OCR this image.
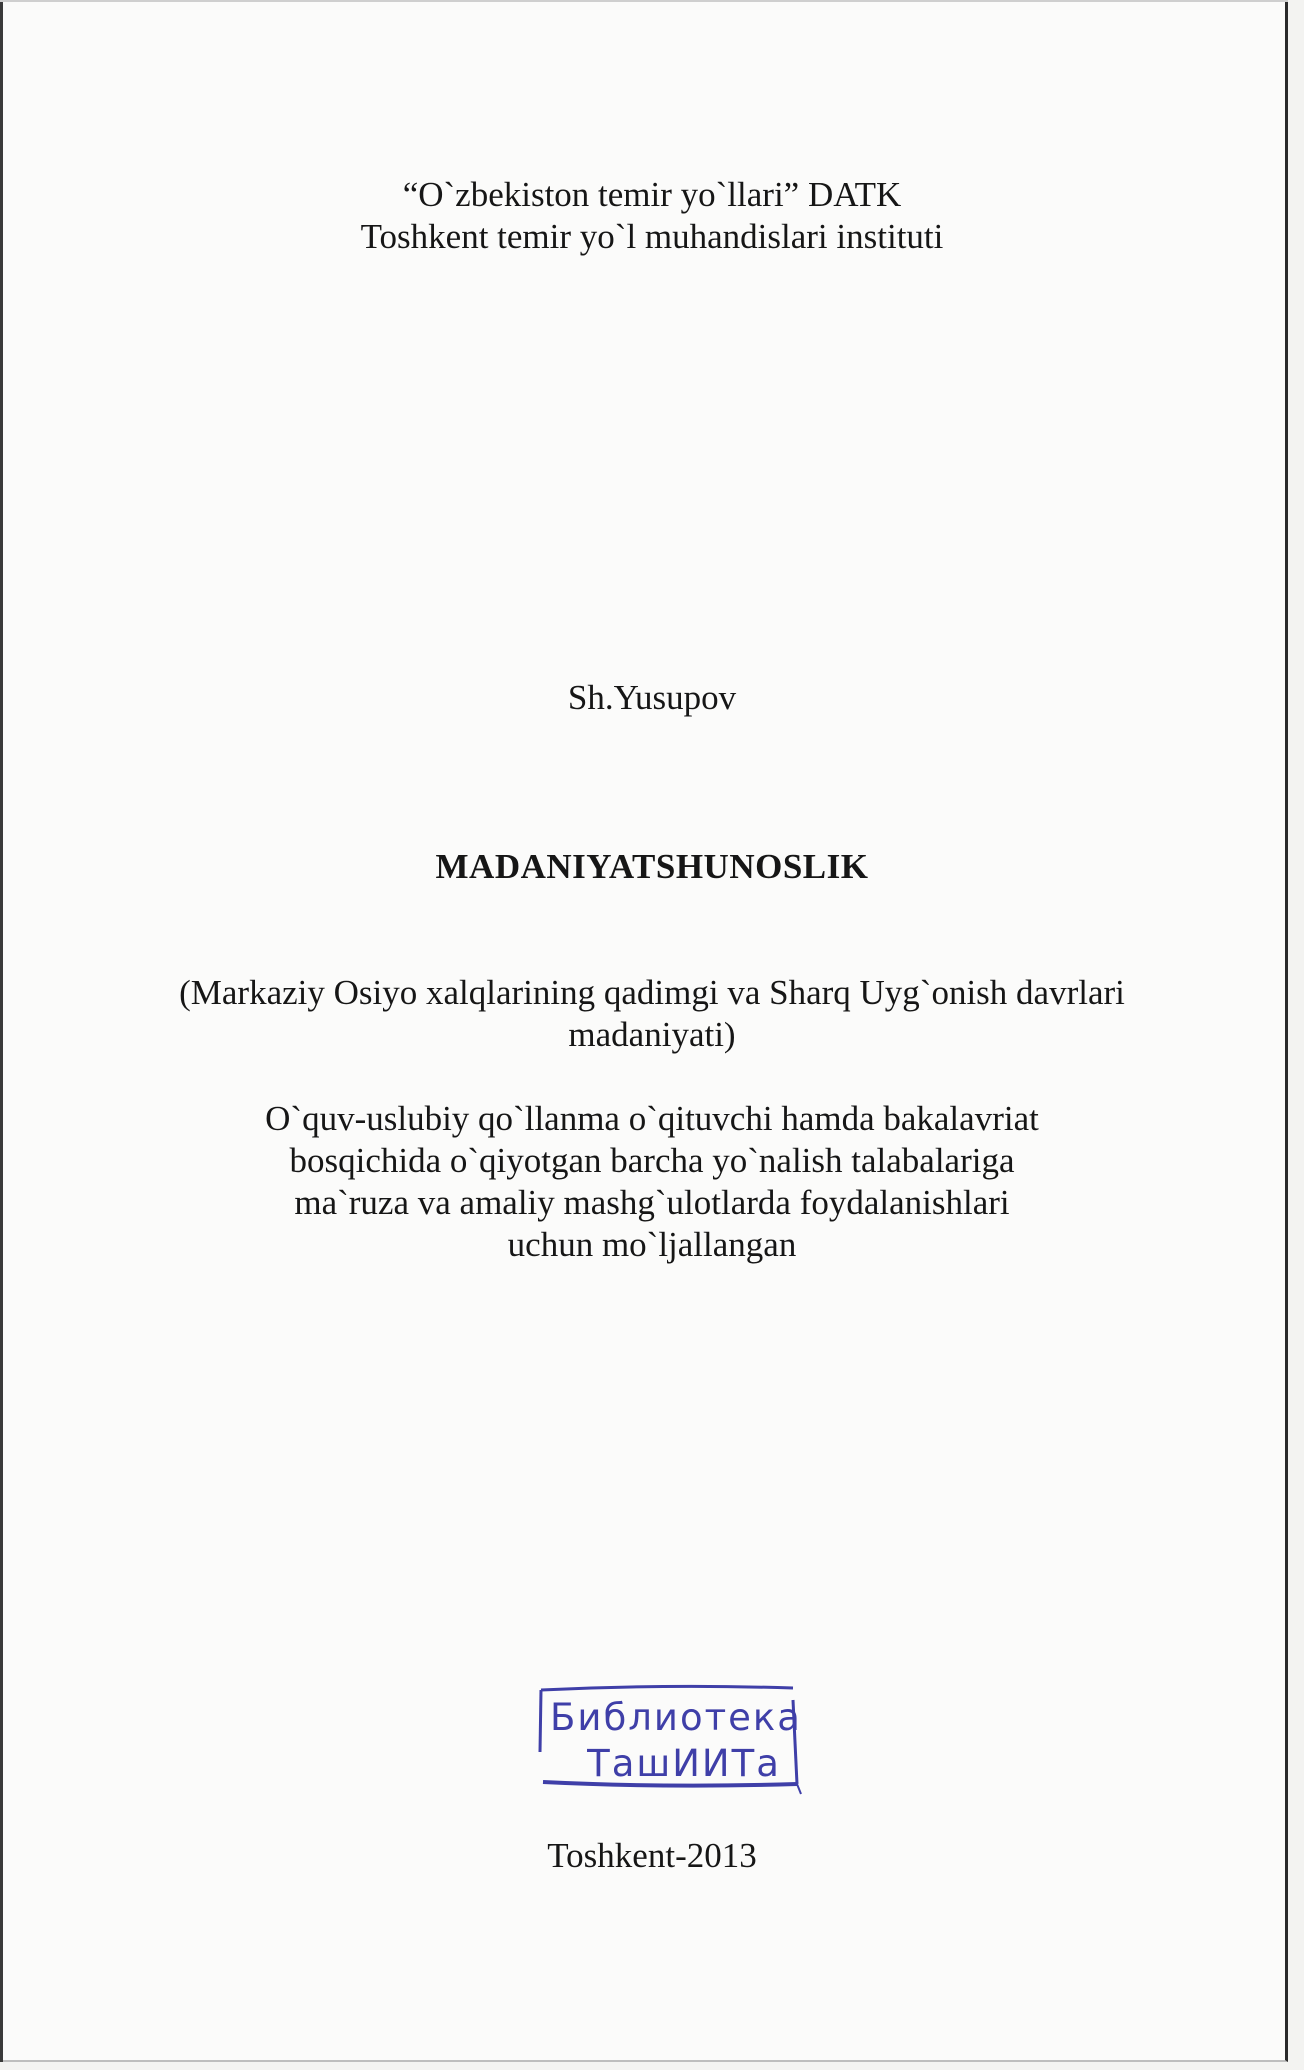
“O`zbekiston temir yo`llari” DATK
Toshkent temir yo`l muhandislari instituti
Sh.Yusupov
MADANIYATSHUNOSLIK
(Markaziy Osiyo xalqlarining qadimgi va Sharq Uyg`onish davrlari
madaniyati)
O`quv-uslubiy qo`llanma o`qituvchi hamda bakalavriat
bosqichida o`qiyotgan barcha yo`nalish talabalariga
ma`ruza va amaliy mashg`ulotlarda foydalanishlari
uchun mo`ljallangan
Библиотека
ТашИИТа
Toshkent-2013
